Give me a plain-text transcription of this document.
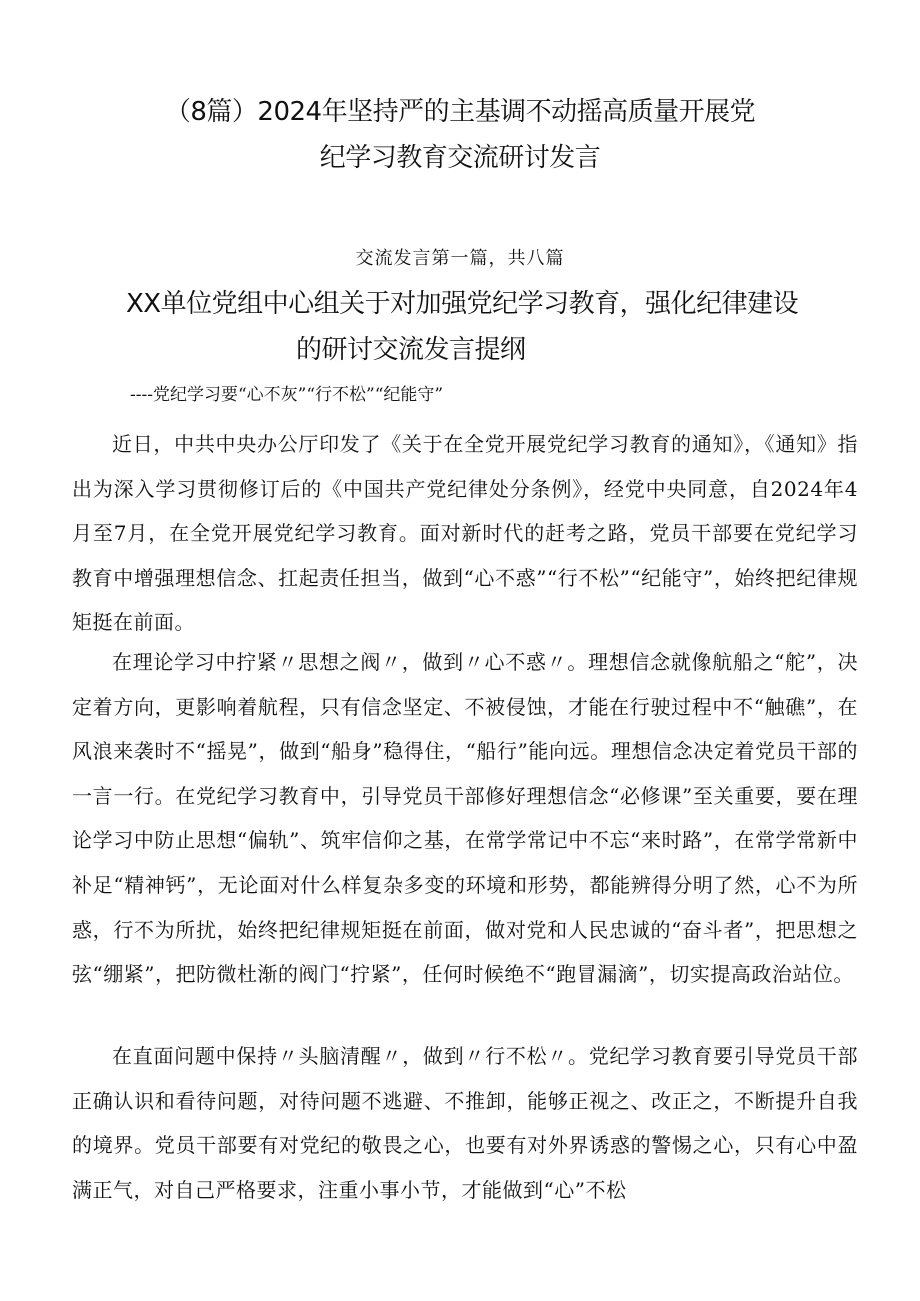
（8篇）2024年坚持严的主基调不动摇高质量开展党
纪学习教育交流研讨发言
交流发言第一篇，共八篇
XX单位党组中心组关于对加强党纪学习教育，强化纪律建设
的研讨交流发言提纲
----党纪学习要“心不灰”“行不松”“纪能守”

近日，中共中央办公厅印发了《关于在全党开展党纪学习教育的通知》，《通知》指出为深入学习贯彻修订后的《中国共产党纪律处分条例》，经党中央同意，自2024年4月至7月，在全党开展党纪学习教育。面对新时代的赶考之路，党员干部要在党纪学习教育中增强理想信念、扛起责任担当，做到“心不惑”“行不松”“纪能守”，始终把纪律规矩挺在前面。

在理论学习中拧紧〃思想之阀〃，做到〃心不惑〃。理想信念就像航船之“舵”，决定着方向，更影响着航程，只有信念坚定、不被侵蚀，才能在行驶过程中不“触礁”，在风浪来袭时不“摇晃”，做到“船身”稳得住，“船行”能向远。理想信念决定着党员干部的一言一行。在党纪学习教育中，引导党员干部修好理想信念“必修课”至关重要，要在理论学习中防止思想“偏轨”、筑牢信仰之基，在常学常记中不忘“来时路”，在常学常新中补足“精神钙”，无论面对什么样复杂多变的环境和形势，都能辨得分明了然，心不为所惑，行不为所扰，始终把纪律规矩挺在前面，做对党和人民忠诚的“奋斗者”，把思想之弦“绷紧”，把防微杜渐的阀门“拧紧”，任何时候绝不“跑冒漏滴”，切实提高政治站位。

在直面问题中保持〃头脑清醒〃，做到〃行不松〃。党纪学习教育要引导党员干部正确认识和看待问题，对待问题不逃避、不推卸，能够正视之、改正之，不断提升自我的境界。党员干部要有对党纪的敬畏之心，也要有对外界诱惑的警惕之心，只有心中盈满正气，对自己严格要求，注重小事小节，才能做到“心”不松
